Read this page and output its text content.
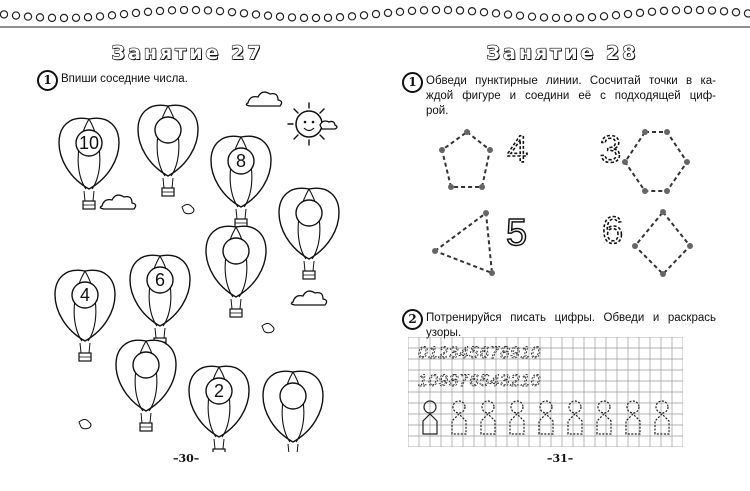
Занятие 27
1 Впиши соседние числа.
10
8
6
4
2
–30–
Занятие 28
1 Обведи пунктирные линии. Сосчитай точки в ка-
ждой фигуре и соедини её с подходящей циф-
рой.
4 3
5 6
2 Потренируйся писать цифры. Обведи и раскрась
узоры.
012345678910
109876543210
–31–
